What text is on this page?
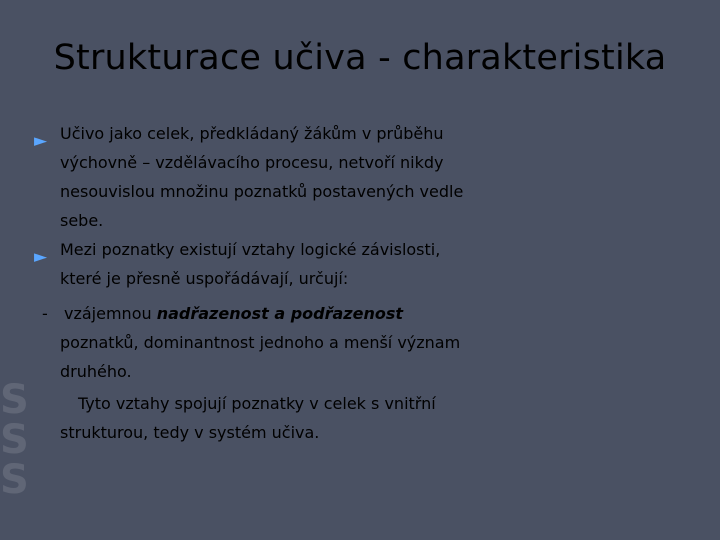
S
S
S
Strukturace učiva - charakteristika
► Učivo jako celek, předkládaný žákům v průběhu
výchovně – vzdělávacího procesu, netvoří nikdy
nesouvislou množinu poznatků postavených vedle
sebe.
► Mezi poznatky existují vztahy logické závislosti,
které je přesně uspořádávají, určují:
- vzájemnou nadřazenost a podřazenost
poznatků, dominantnost jednoho a menší význam
druhého.
Tyto vztahy spojují poznatky v celek s vnitřní
strukturou, tedy v systém učiva.
